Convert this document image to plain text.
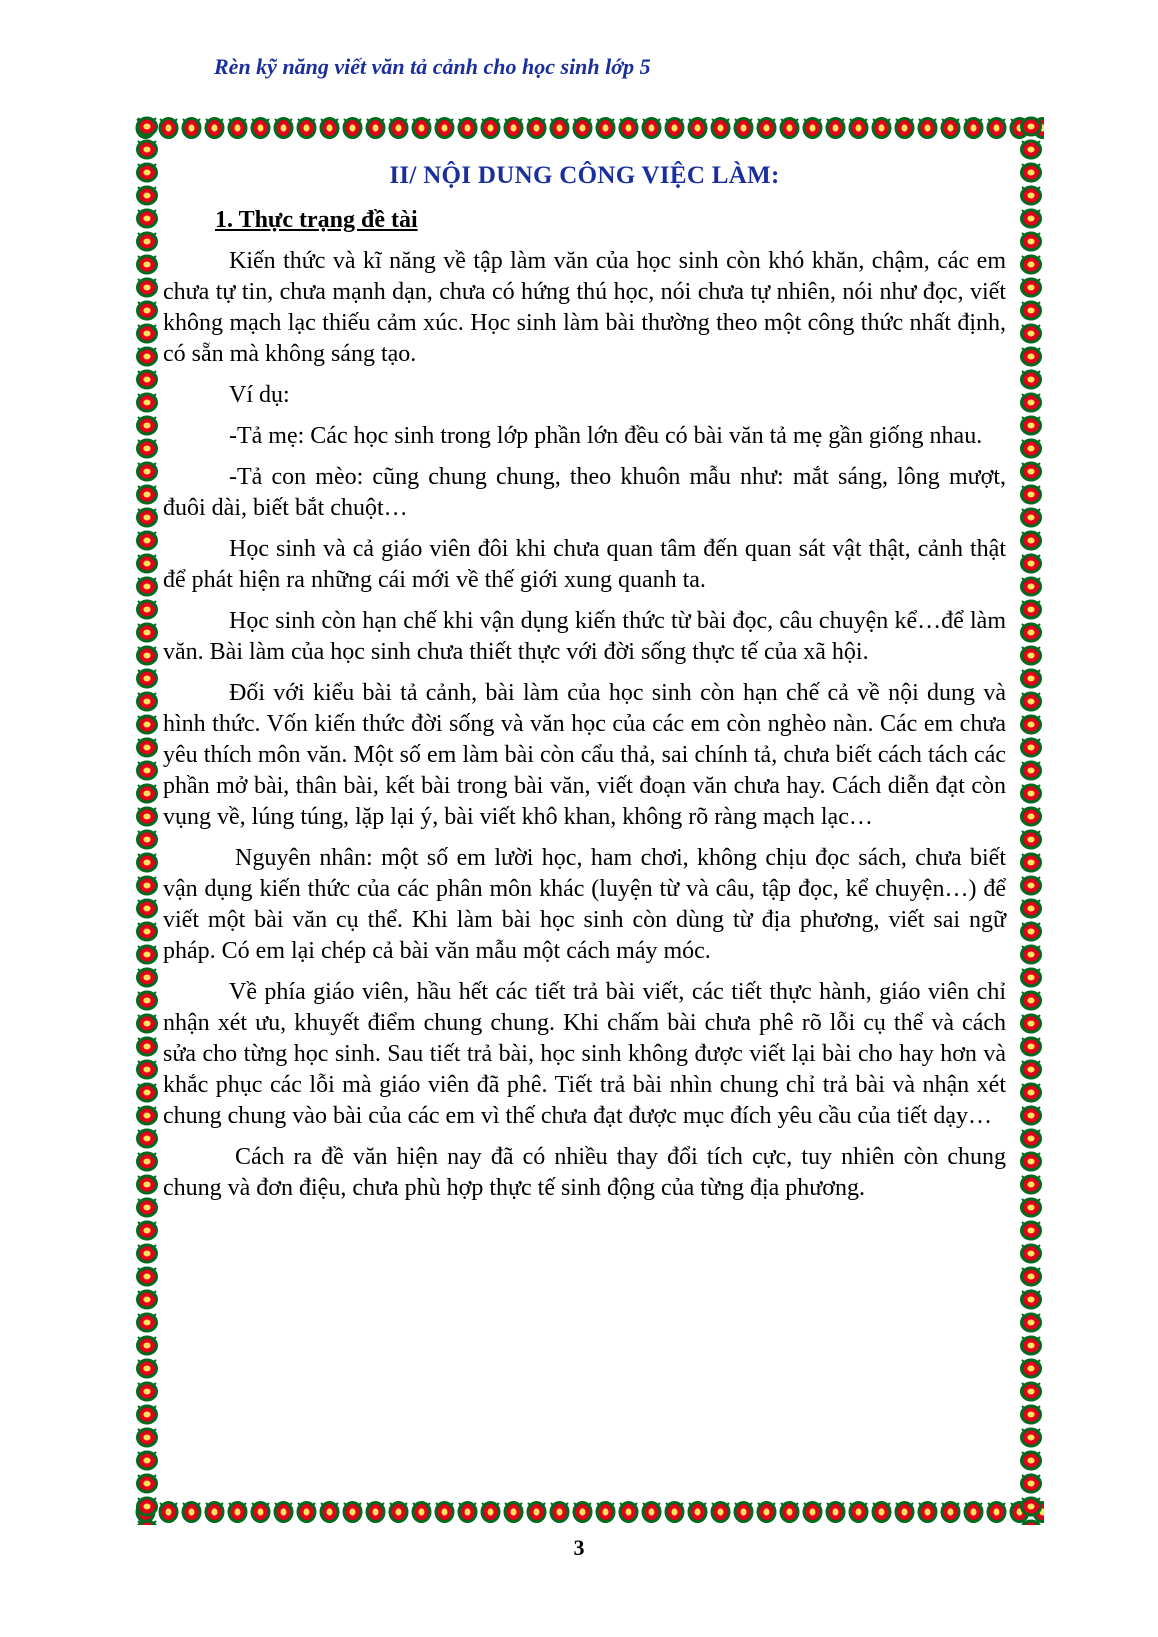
Rèn kỹ năng viết văn tả cảnh cho học sinh lớp 5
II/ NỘI DUNG CÔNG VIỆC LÀM:
1. Thực trạng đề tài

Kiến thức và kĩ năng về tập làm văn của học sinh còn khó khăn, chậm, các em chưa tự tin, chưa mạnh dạn, chưa có hứng thú học, nói chưa tự nhiên, nói như đọc, viết không mạch lạc thiếu cảm xúc. Học sinh làm bài thường theo một công thức nhất định, có sẵn mà không sáng tạo.

Ví dụ:

-Tả mẹ: Các học sinh trong lớp phần lớn đều có bài văn tả mẹ gần giống nhau.

-Tả con mèo: cũng chung chung, theo khuôn mẫu như: mắt sáng, lông mượt, đuôi dài, biết bắt chuột…

Học sinh và cả giáo viên đôi khi chưa quan tâm đến quan sát vật thật, cảnh thật để phát hiện ra những cái mới về thế giới xung quanh ta.

Học sinh còn hạn chế khi vận dụng kiến thức từ bài đọc, câu chuyện kể…để làm văn. Bài làm của học sinh chưa thiết thực với đời sống thực tế của xã hội.

Đối với kiểu bài tả cảnh, bài làm của học sinh còn hạn chế cả về nội dung và hình thức. Vốn kiến thức đời sống và văn học của các em còn nghèo nàn. Các em chưa yêu thích môn văn. Một số em làm bài còn cẩu thả, sai chính tả, chưa biết cách tách các phần mở bài, thân bài, kết bài trong bài văn, viết đoạn văn chưa hay. Cách diễn đạt còn vụng về, lúng túng, lặp lại ý, bài viết khô khan, không rõ ràng mạch lạc…

Nguyên nhân: một số em lười học, ham chơi, không chịu đọc sách, chưa biết vận dụng kiến thức của các phân môn khác (luyện từ và câu, tập đọc, kể chuyện…) để viết một bài văn cụ thể. Khi làm bài học sinh còn dùng từ địa phương, viết sai ngữ pháp. Có em lại chép cả bài văn mẫu một cách máy móc.

Về phía giáo viên, hầu hết các tiết trả bài viết, các tiết thực hành, giáo viên chỉ nhận xét ưu, khuyết điểm chung chung. Khi chấm bài chưa phê rõ lỗi cụ thể và cách sửa cho từng học sinh. Sau tiết trả bài, học sinh không được viết lại bài cho hay hơn và khắc phục các lỗi mà giáo viên đã phê. Tiết trả bài nhìn chung chỉ trả bài và nhận xét chung chung vào bài của các em vì thế chưa đạt được mục đích yêu cầu của tiết dạy…

Cách ra đề văn hiện nay đã có nhiều thay đổi tích cực, tuy nhiên còn chung chung và đơn điệu, chưa phù hợp thực tế sinh động của từng địa phương.

3
